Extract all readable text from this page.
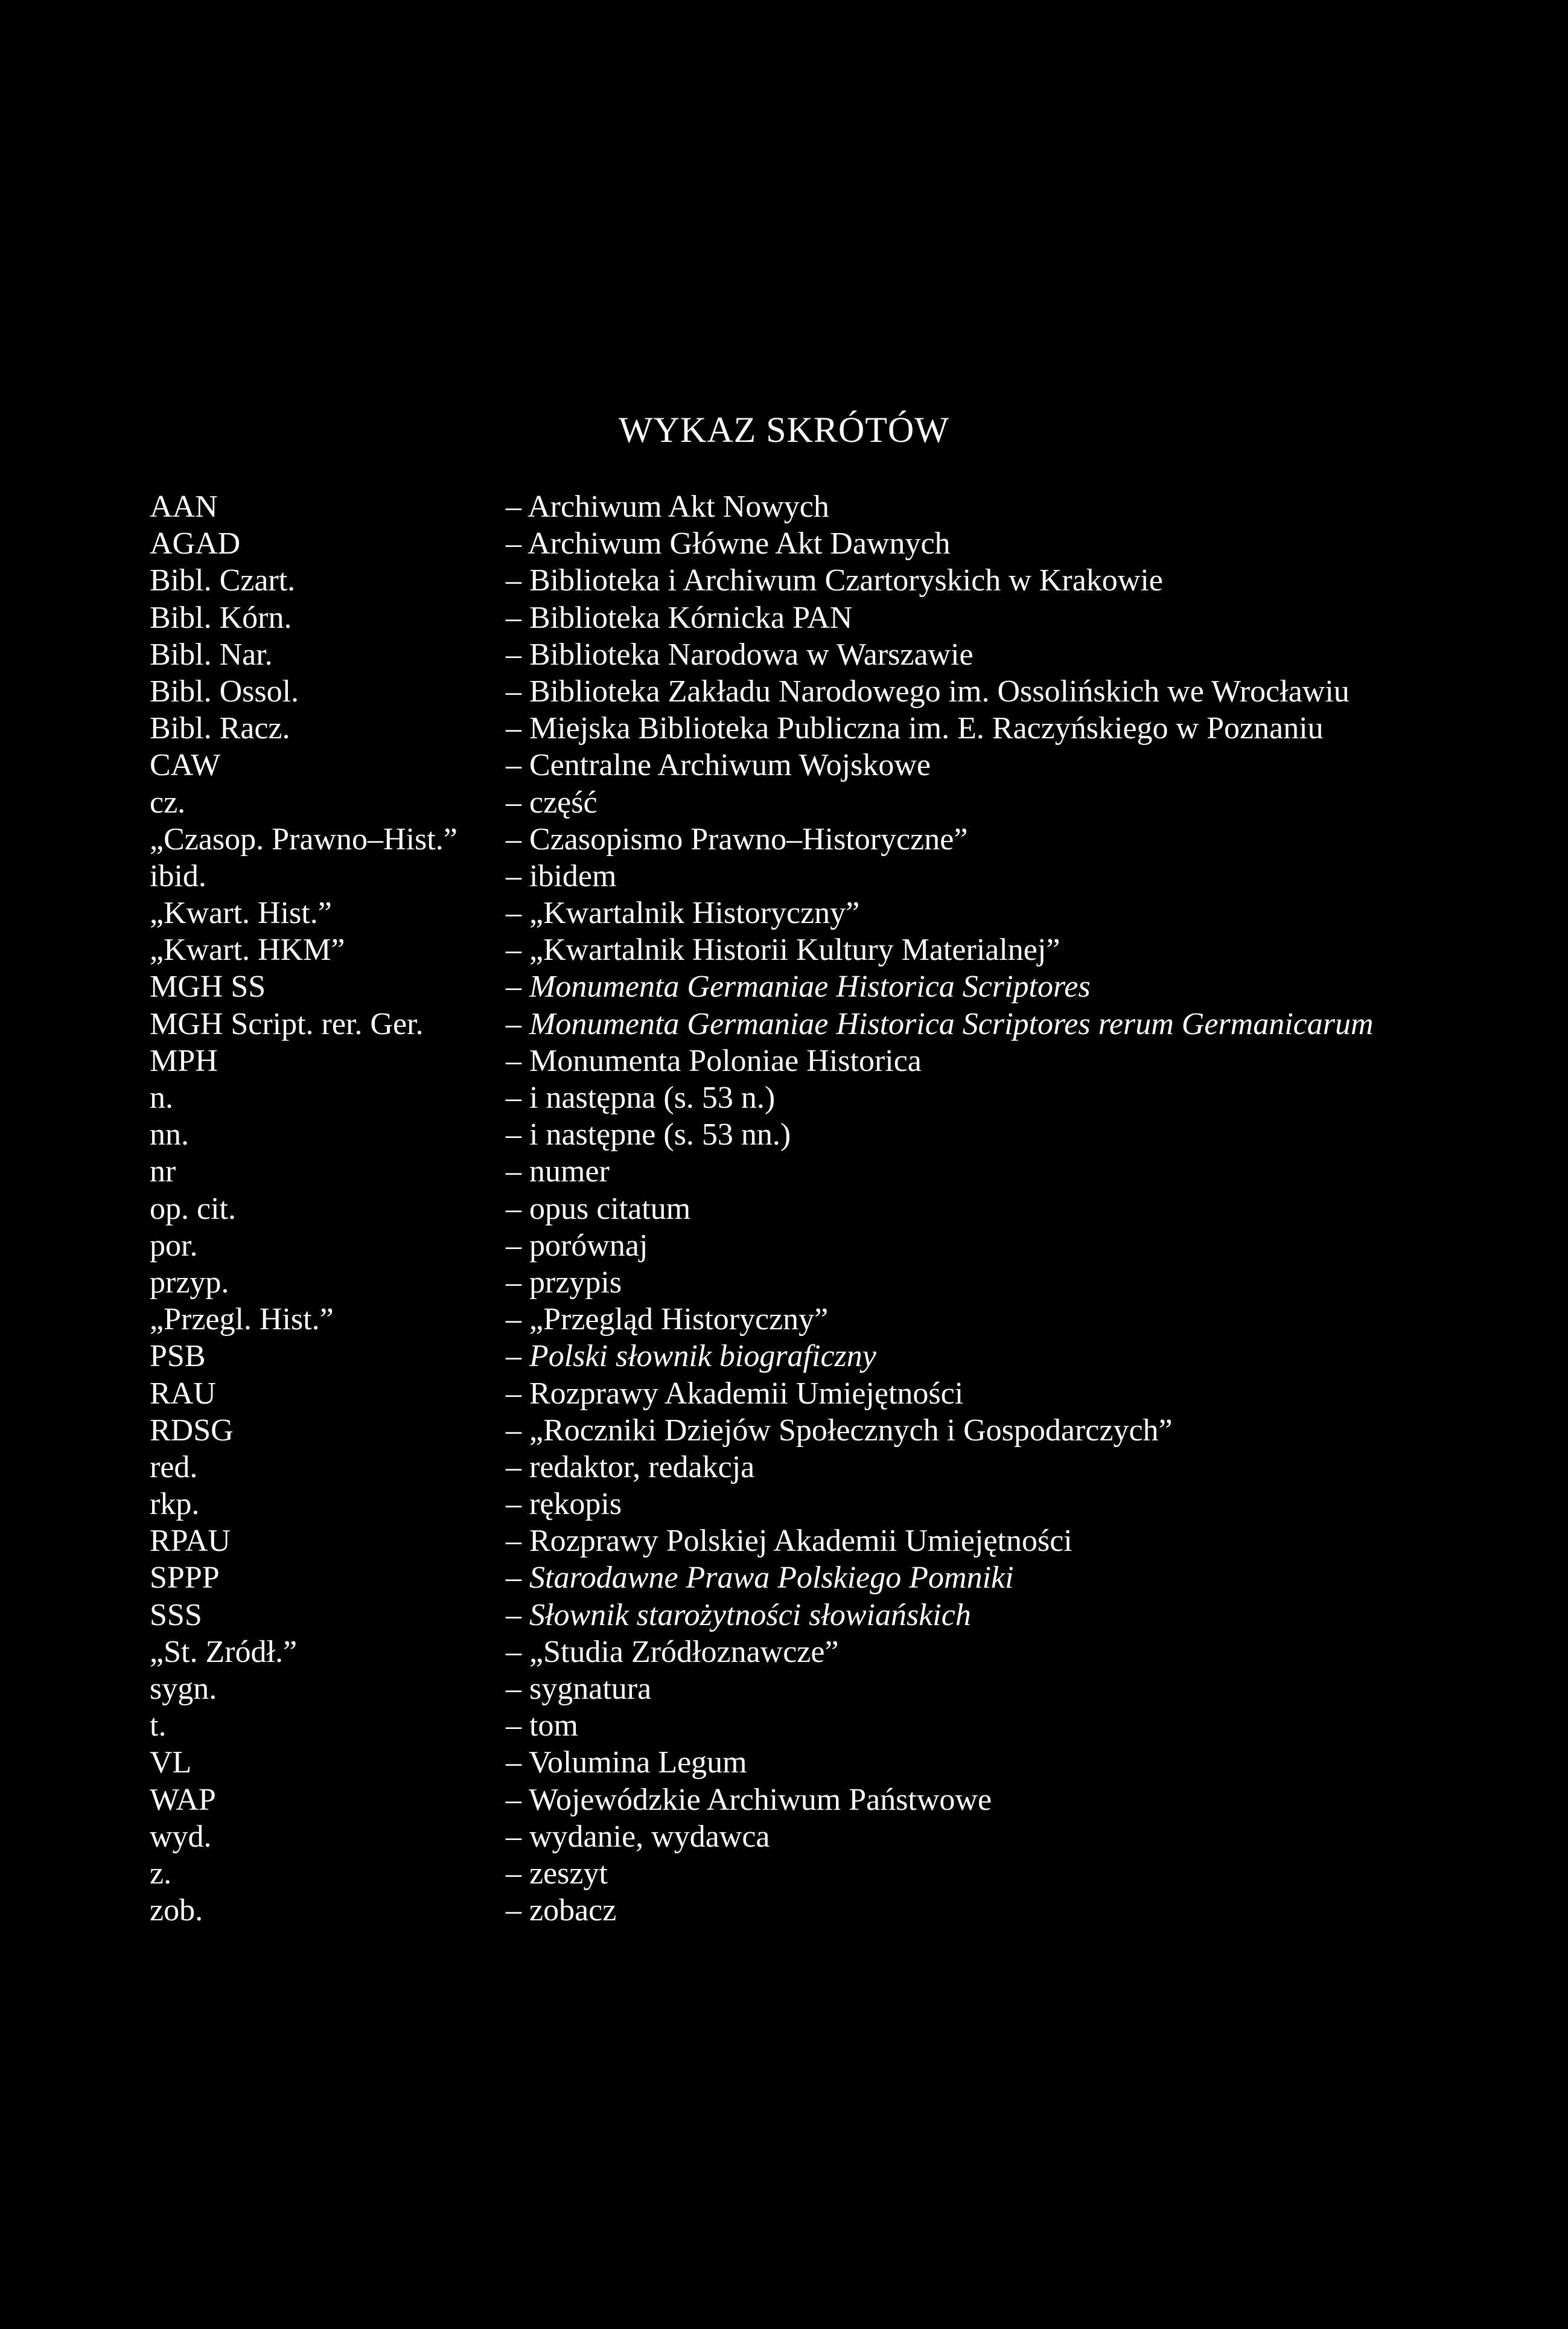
WYKAZ SKRÓTÓW
AAN	– Archiwum Akt Nowych
AGAD	– Archiwum Główne Akt Dawnych
Bibl. Czart.	– Biblioteka i Archiwum Czartoryskich w Krakowie
Bibl. Kórn.	– Biblioteka Kórnicka PAN
Bibl. Nar.	– Biblioteka Narodowa w Warszawie
Bibl. Ossol.	– Biblioteka Zakładu Narodowego im. Ossolińskich we Wrocławiu
Bibl. Racz.	– Miejska Biblioteka Publiczna im. E. Raczyńskiego w Poznaniu
CAW	– Centralne Archiwum Wojskowe
cz.	– część
„Czasop. Prawno–Hist.” – Czasopismo Prawno–Historyczne”
ibid.	– ibidem
„Kwart. Hist.”	– „Kwartalnik Historyczny”
„Kwart. HKM”	– „Kwartalnik Historii Kultury Materialnej”
MGH SS	– Monumenta Germaniae Historica Scriptores
MGH Script. rer. Ger.	– Monumenta Germaniae Historica Scriptores rerum Germanicarum
MPH	– Monumenta Poloniae Historica
n.	– i następna (s. 53 n.)
nn.	– i następne (s. 53 nn.)
nr	– numer
op. cit.	– opus citatum
por.	– porównaj
przyp.	– przypis
„Przegl. Hist.”	– „Przegląd Historyczny”
PSB	– Polski słownik biograficzny
RAU	– Rozprawy Akademii Umiejętności
RDSG	– „Roczniki Dziejów Społecznych i Gospodarczych”
red.	– redaktor, redakcja
rkp.	– rękopis
RPAU	– Rozprawy Polskiej Akademii Umiejętności
SPPP	– Starodawne Prawa Polskiego Pomniki
SSS	– Słownik starożytności słowiańskich
„St. Zródł.”	– „Studia Zródłoznawcze”
sygn.	– sygnatura
t.	– tom
VL	– Volumina Legum
WAP	– Wojewódzkie Archiwum Państwowe
wyd.	– wydanie, wydawca
z.	– zeszyt
zob.	– zobacz
